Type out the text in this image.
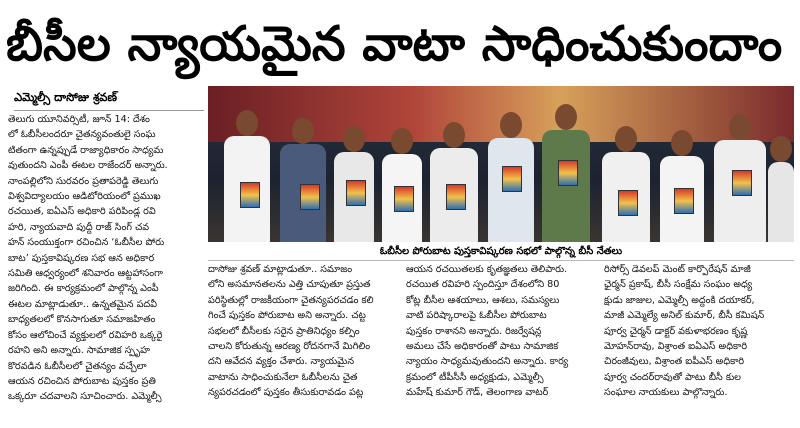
బీసీల న్యాయమైన వాటా సాధించుకుందాం
ఎమ్మెల్సీ దాసోజు శ్రవణ్
తెలుగు యూనివర్సిటీ, జూన్ 14: దేశం
లో ఓబీసీలందరూ చైతన్యవంతులై సంఘ
టితంగా ఉన్నప్పుడే రాజ్యాధికారం సాధ్యమ
వుతుందని ఎంపీ ఈటల రాజేందర్ అన్నారు.
నాంపల్లిలోని సురవరం ప్రతాపరెడ్డి తెలుగు
విశ్వవిద్యాలయం ఆడిటోరియంలో ప్రముఖ
రచయిత, ఐఏఎస్ అధికారి పరిపిండ్ల రవి
హరి, న్యాయవాది పుద్దీ రాజ్ సింగ్ చవ
హన్ సంయుక్తంగా రచించిన ‘ఓబీసీల పోరు
బాట’ పుస్తకావిష్కరణ సభ ఆన అధికార
సమితి ఆధ్వర్యంలో శనివారం ఆట్టహాసంగా
జరిగింది. ఈ కార్యక్రమంలో పాల్గొన్న ఎంపీ
ఈటల మాట్లాడుతూ.. ఉన్నతమైన పదవీ
బాధ్యతలలో కొనసాగుతూ సమాజహితం
కోసం ఆలోచించే వ్యక్తులలో రవిహరి ఒక్కరై
రహని అని అన్నారు. సామాజిక స్పృహ
కొరవడిన ఓబీసీలలో చైతన్యం వచ్చేలా
ఆయన రచించిన పోరుబాట పుస్తకం ప్రతి
ఒక్కరూ చదవాలని సూచించారు. ఎమ్మెల్సీ
ఓబీసీల పోరుబాట పుస్తకావిష్కరణ సభలో పాల్గొన్న బీసీ నేతలు
దాసోజు శ్రవణ్ మాట్లాడుతూ.. సమాజం
లోని అసమానతలను ఎత్తి చూపుతూ ప్రస్తుత
పరిస్థితుల్లో రాజకీయంగా చైతన్యపరచడం కలి
గించే పుస్తకం పోరుబాట అని అన్నారు. చట్ట
సభలలో బీసీలకు సరైన ప్రాతినిధ్యం కల్పిం
చాలని కోరుతున్న ఆరణ్య రోదనగానే మిగిలిం
దని ఆవేదన వ్యక్తం చేశారు. న్యాయమైన
వాటాను సాధించుకునేలా ఓబీసీలను చైత
న్యపరచడంలో పుస్తకం తీసుకురావడం పట్ల
ఆయన రచయితలకు కృతజ్ఞతలు తెలిపారు.
రచయిత రవిహరి స్పందిస్తూ దేశంలోని 80
కోట్ల బీసీల ఆశయాలు, ఆశలు, సమస్యలు
వాటి పరిష్కారాలపై ఓబీసీల పోరుబాట
పుస్తకం రాశానని అన్నారు. రిజర్వేషన్ల
అమలు చేసే అధికారంతో పాటు సామాజిక
న్యాయం సాధ్యమవుతుందని అన్నారు. కార్య
క్రమంలో టీపీసీసీ అధ్యక్షుడు, ఎమ్మెల్సీ
మహేష్ కుమార్ గౌడ్, తెలంగాణ వాటర్
రిసోర్స్ డెవలప్ మెంట్ కార్పొరేషన్ మాజీ
ఛైర్మన్ ప్రకాష్, బీసీ సంక్షేమ సంఘం అధ్య
క్షుడు జాజుల, ఎమ్మెల్సీ అద్దంకి దయాకర్,
మాజీ ఎమ్మెల్యే అనిల్ కుమార్, బీసీ కమిషన్
పూర్వ చైర్మన్ డాక్టర్ వకుళాభరణం కృష్ణ
మోహన్‌రావు, విశ్రాంత ఐఏఎస్ అధికారి
చిరంజీవులు, విశ్రాంత ఐపీఎస్ అధికారి
పూర్వ చందర్‌రావుతో పాటు బీసీ కుల
సంఘాల నాయకులు పాల్గొన్నారు.
